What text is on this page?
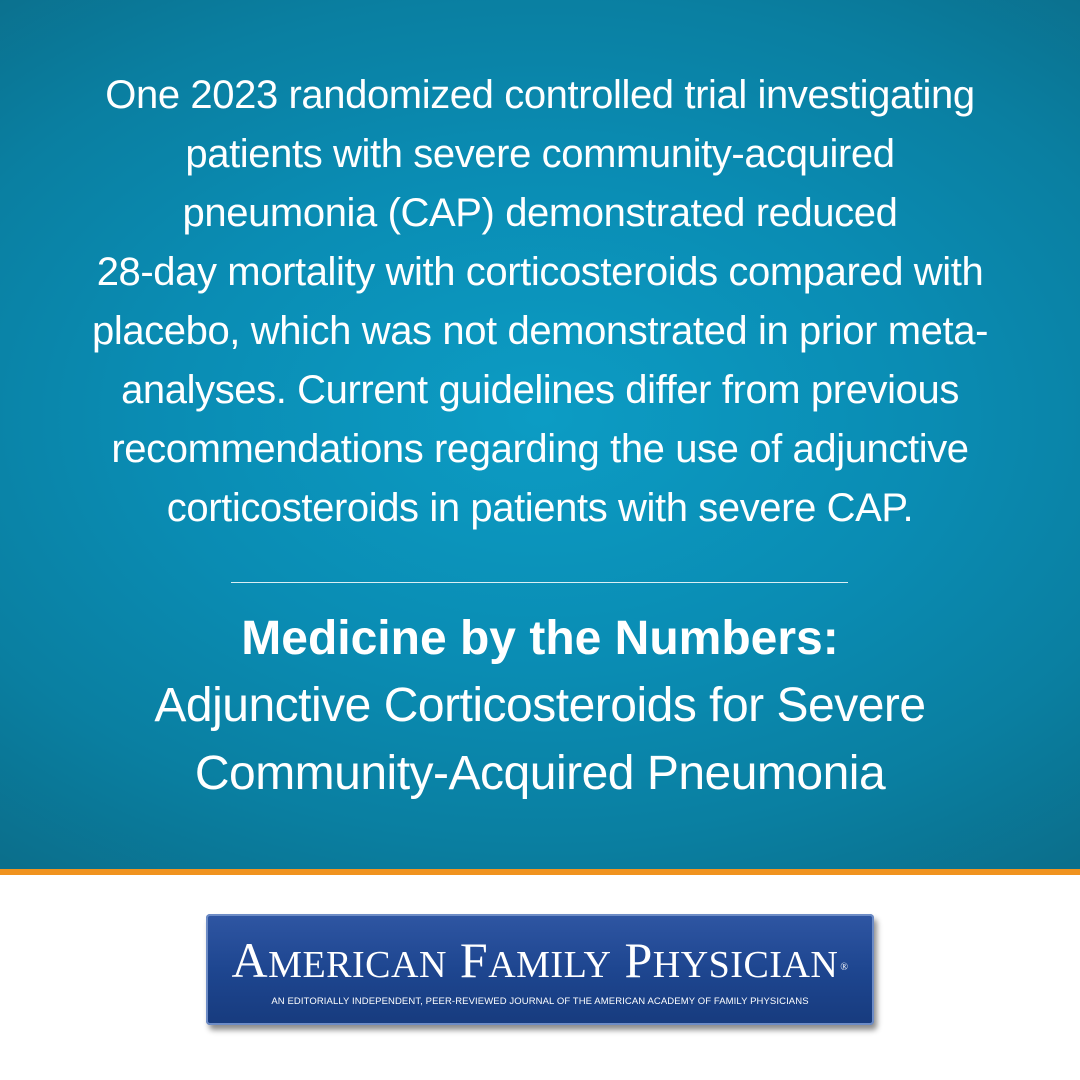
One 2023 randomized controlled trial investigating
patients with severe community-acquired
pneumonia (CAP) demonstrated reduced
28-day mortality with corticosteroids compared with
placebo, which was not demonstrated in prior meta-
analyses. Current guidelines differ from previous
recommendations regarding the use of adjunctive
corticosteroids in patients with severe CAP.
Medicine by the Numbers:
Adjunctive Corticosteroids for Severe
Community-Acquired Pneumonia
AMERICAN FAMILY PHYSICIAN ®
AN EDITORIALLY INDEPENDENT, PEER-REVIEWED JOURNAL OF THE AMERICAN ACADEMY OF FAMILY PHYSICIANS
